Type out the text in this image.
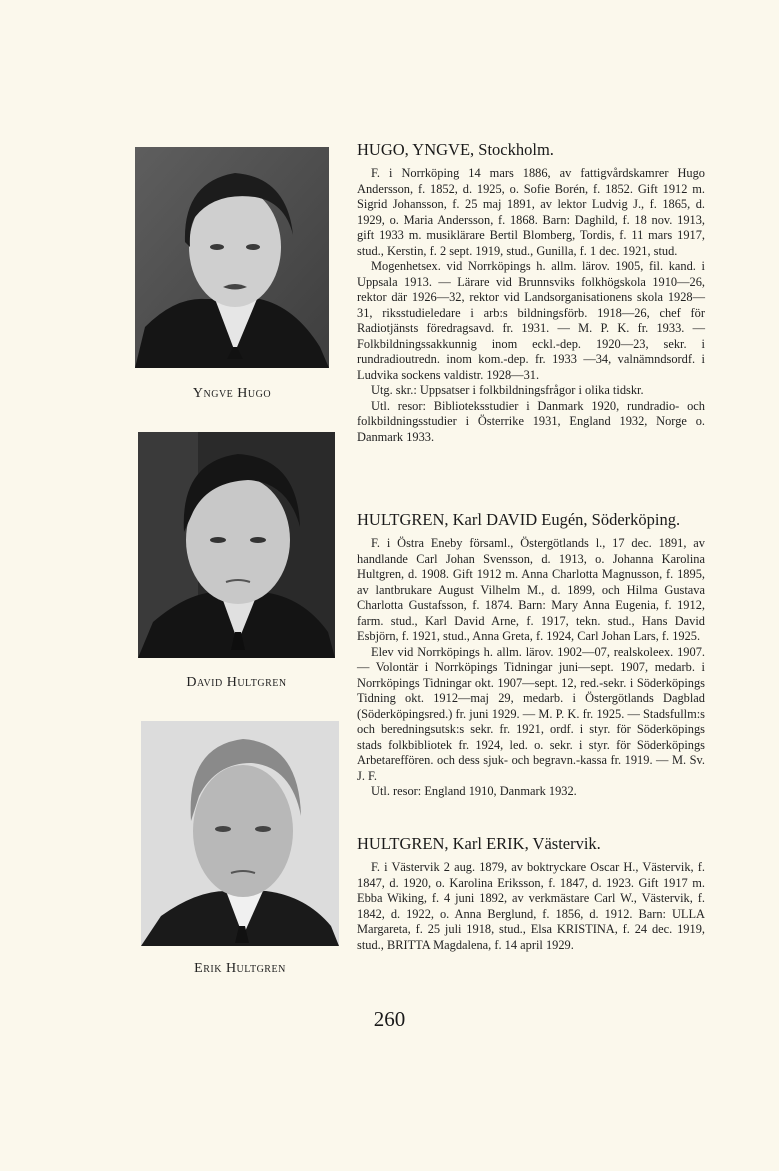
Yngve Hugo
David Hultgren
Erik Hultgren
HUGO, YNGVE, Stockholm.

F. i Norrköping 14 mars 1886, av fattigvårdskamrer Hugo Andersson, f. 1852, d. 1925, o. Sofie Borén, f. 1852. Gift 1912 m. Sigrid Johansson, f. 25 maj 1891, av lektor Ludvig J., f. 1865, d. 1929, o. Maria Andersson, f. 1868. Barn: Daghild, f. 18 nov. 1913, gift 1933 m. musiklärare Bertil Blomberg, Tordis, f. 11 mars 1917, stud., Kerstin, f. 2 sept. 1919, stud., Gunilla, f. 1 dec. 1921, stud.

Mogenhetsex. vid Norrköpings h. allm. lärov. 1905, fil. kand. i Uppsala 1913. — Lärare vid Brunnsviks folkhögskola 1910—26, rektor där 1926—32, rektor vid Landsorganisationens skola 1928—31, riksstudieledare i arb:s bildningsförb. 1918—26, chef för Radiotjänsts föredragsavd. fr. 1931. — M. P. K. fr. 1933. — Folkbildningssakkunnig inom eckl.-dep. 1920—23, sekr. i rundradioutredn. inom kom.-dep. fr. 1933 —34, valnämndsordf. i Ludvika sockens valdistr. 1928—31.

Utg. skr.: Uppsatser i folkbildningsfrågor i olika tidskr.

Utl. resor: Biblioteksstudier i Danmark 1920, rundradio- och folkbildningsstudier i Österrike 1931, England 1932, Norge o. Danmark 1933.

HULTGREN, Karl DAVID Eugén, Söderköping.

F. i Östra Eneby församl., Östergötlands l., 17 dec. 1891, av handlande Carl Johan Svensson, d. 1913, o. Johanna Karolina Hultgren, d. 1908. Gift 1912 m. Anna Charlotta Magnusson, f. 1895, av lantbrukare August Vilhelm M., d. 1899, och Hilma Gustava Charlotta Gustafsson, f. 1874. Barn: Mary Anna Eugenia, f. 1912, farm. stud., Karl David Arne, f. 1917, tekn. stud., Hans David Esbjörn, f. 1921, stud., Anna Greta, f. 1924, Carl Johan Lars, f. 1925.

Elev vid Norrköpings h. allm. lärov. 1902—07, realskoleex. 1907. — Volontär i Norrköpings Tidningar juni—sept. 1907, medarb. i Norrköpings Tidningar okt. 1907—sept. 12, red.-sekr. i Söderköpings Tidning okt. 1912—maj 29, medarb. i Östergötlands Dagblad (Söderköpingsred.) fr. juni 1929. — M. P. K. fr. 1925. — Stadsfullm:s och beredningsutsk:s sekr. fr. 1921, ordf. i styr. för Söderköpings stads folkbibliotek fr. 1924, led. o. sekr. i styr. för Söderköpings Arbetareffören. och dess sjuk- och begravn.-kassa fr. 1919. — M. Sv. J. F.

Utl. resor: England 1910, Danmark 1932.

HULTGREN, Karl ERIK, Västervik.

F. i Västervik 2 aug. 1879, av boktryckare Oscar H., Västervik, f. 1847, d. 1920, o. Karolina Eriksson, f. 1847, d. 1923. Gift 1917 m. Ebba Wiking, f. 4 juni 1892, av verkmästare Carl W., Västervik, f. 1842, d. 1922, o. Anna Berglund, f. 1856, d. 1912. Barn: ULLA Margareta, f. 25 juli 1918, stud., Elsa KRISTINA, f. 24 dec. 1919, stud., BRITTA Magdalena, f. 14 april 1929.

260
